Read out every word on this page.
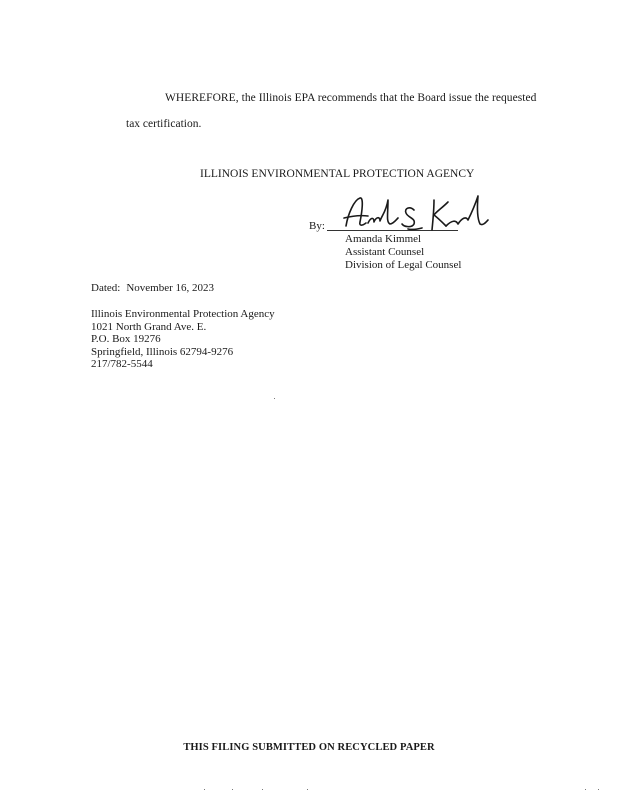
WHEREFORE, the Illinois EPA recommends that the Board issue the requested
tax certification.
ILLINOIS ENVIRONMENTAL PROTECTION AGENCY
By:
Amanda Kimmel
Assistant Counsel
Division of Legal Counsel
Dated: November 16, 2023
Illinois Environmental Protection Agency
1021 North Grand Ave. E.
P.O. Box 19276
Springfield, Illinois 62794-9276
217/782-5544
THIS FILING SUBMITTED ON RECYCLED PAPER
